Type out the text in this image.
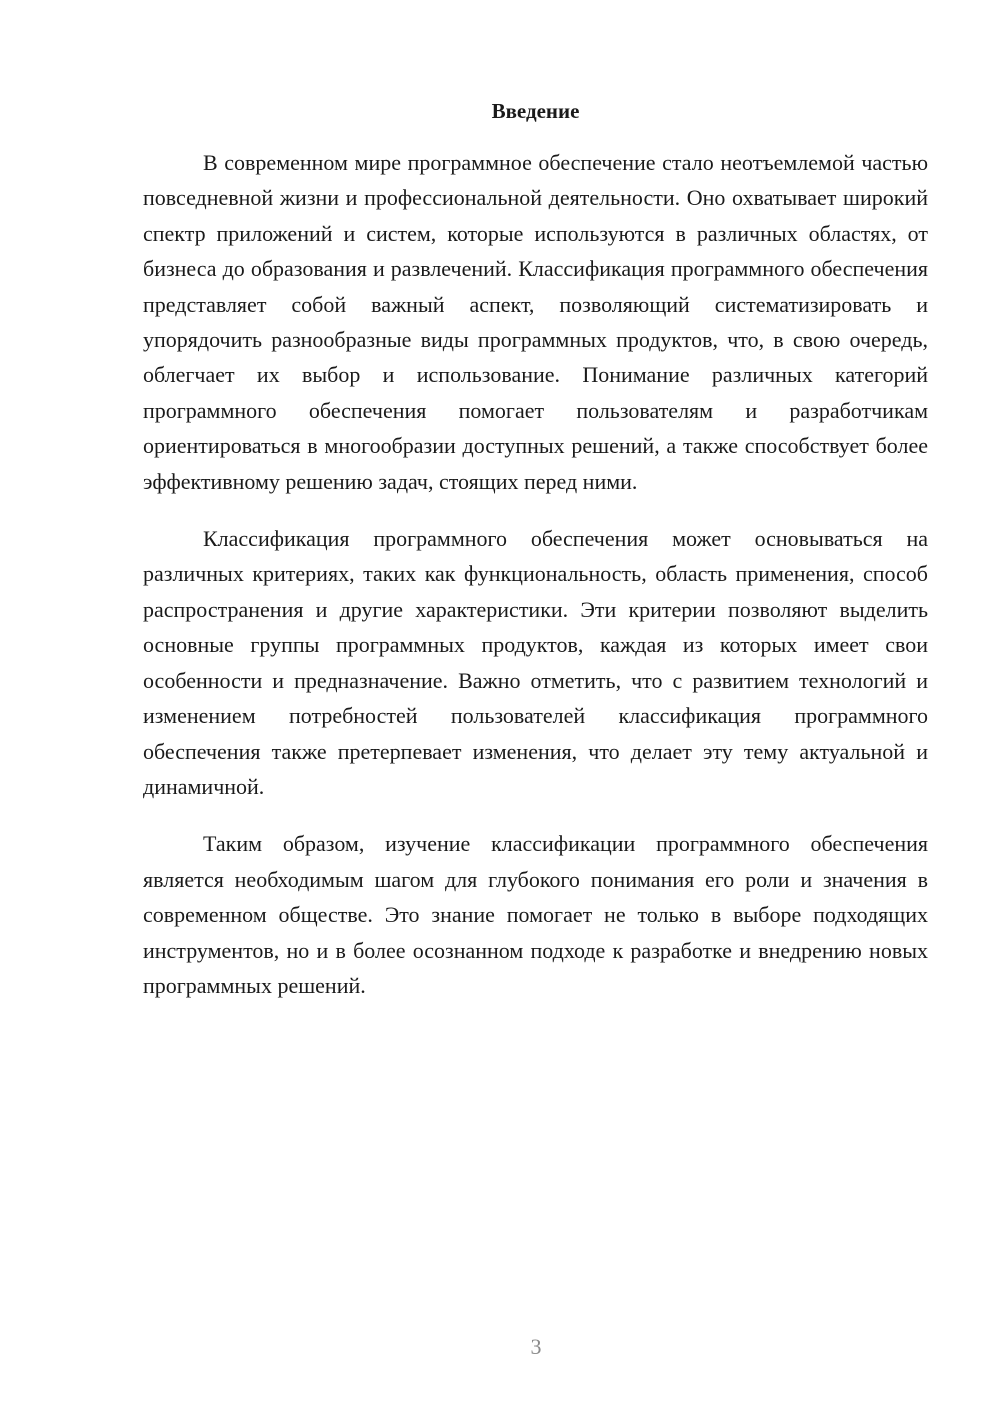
Введение

В современном мире программное обеспечение стало неотъемлемой частью повседневной жизни и профессиональной деятельности. Оно охватывает широкий спектр приложений и систем, которые используются в различных областях, от бизнеса до образования и развлечений. Классификация программного обеспечения представляет собой важный аспект, позволяющий систематизировать и упорядочить разнообразные виды программных продуктов, что, в свою очередь, облегчает их выбор и использование. Понимание различных категорий программного обеспечения помогает пользователям и разработчикам ориентироваться в многообразии доступных решений, а также способствует более эффективному решению задач, стоящих перед ними.

Классификация программного обеспечения может основываться на различных критериях, таких как функциональность, область применения, способ распространения и другие характеристики. Эти критерии позволяют выделить основные группы программных продуктов, каждая из которых имеет свои особенности и предназначение. Важно отметить, что с развитием технологий и изменением потребностей пользователей классификация программного обеспечения также претерпевает изменения, что делает эту тему актуальной и динамичной.

Таким образом, изучение классификации программного обеспечения является необходимым шагом для глубокого понимания его роли и значения в современном обществе. Это знание помогает не только в выборе подходящих инструментов, но и в более осознанном подходе к разработке и внедрению новых программных решений.

3
